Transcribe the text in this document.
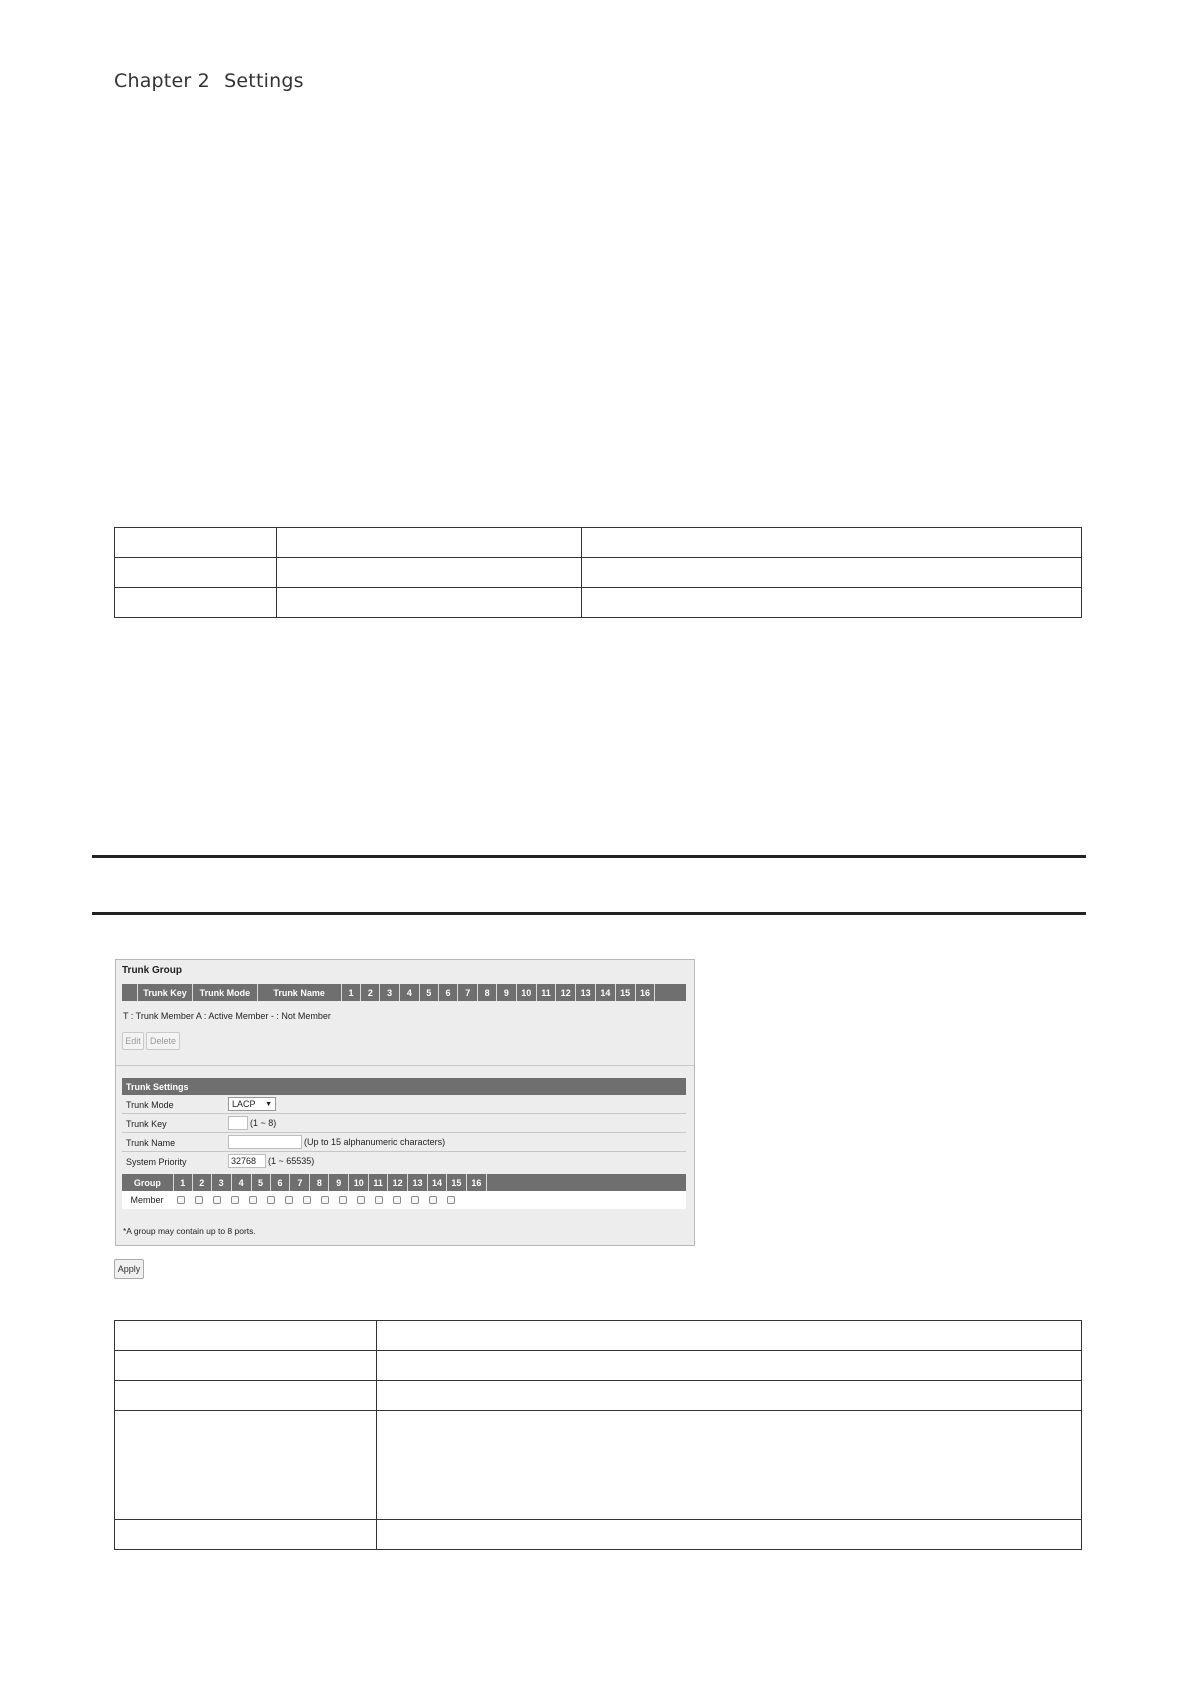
Chapter 2 Settings

Trunk Group
Trunk Key	Trunk Mode	Trunk Name	1	2	3	4	5	6	7	8	9	10	11	12	13	14	15	16
T : Trunk Member A : Active Member - : Not Member
Edit	Delete
Trunk Settings
Trunk Mode	LACP ▼
Trunk Key	(1 ~ 8)
Trunk Name	(Up to 15 alphanumeric characters)
System Priority	32768	(1 ~ 65535)
Group	1	2	3	4	5	6	7	8	9	10	11	12	13	14	15	16
Member
*A group may contain up to 8 ports.
Apply
